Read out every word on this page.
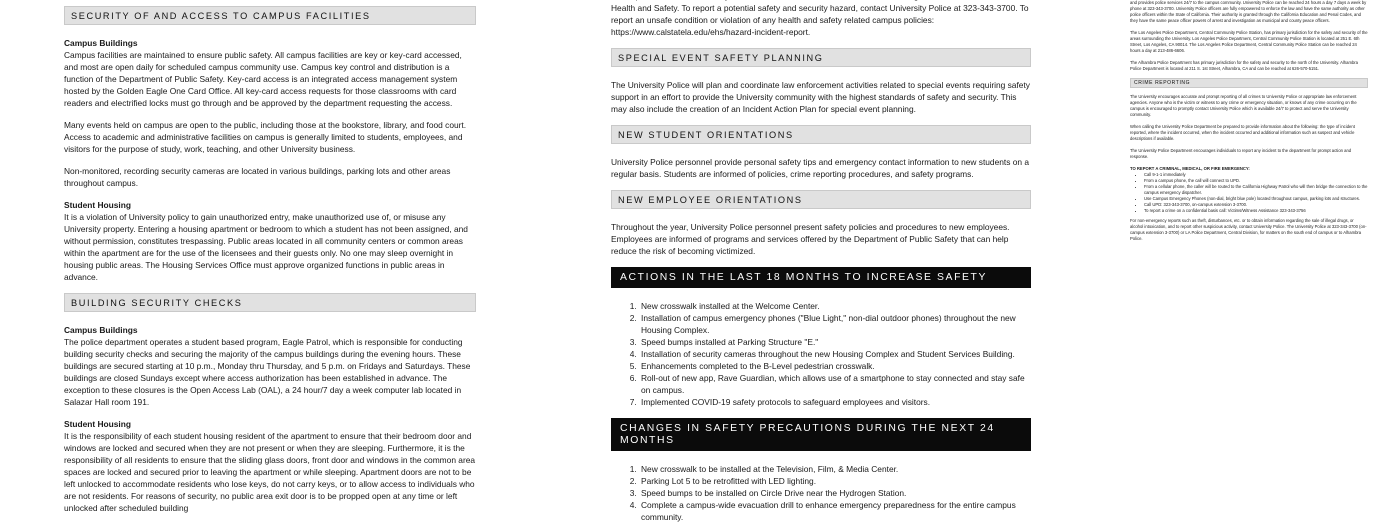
SECURITY OF AND ACCESS TO CAMPUS FACILITIES
Campus Buildings

Campus facilities are maintained to ensure public safety. All campus facilities are key or key-card accessed, and most are open daily for scheduled campus community use. Campus key control and distribution is a function of the Department of Public Safety. Key-card access is an integrated access management system hosted by the Golden Eagle One Card Office. All key-card access requests for those classrooms with card readers and electrified locks must go through and be approved by the department requesting the access.

Many events held on campus are open to the public, including those at the bookstore, library, and food court. Access to academic and administrative facilities on campus is generally limited to students, employees, and visitors for the purpose of study, work, teaching, and other University business.

Non-monitored, recording security cameras are located in various buildings, parking lots and other areas throughout campus.

Student Housing

It is a violation of University policy to gain unauthorized entry, make unauthorized use of, or misuse any University property. Entering a housing apartment or bedroom to which a student has not been assigned, and without permission, constitutes trespassing. Public areas located in all community centers or common areas within the apartment are for the use of the licensees and their guests only. No one may sleep overnight in housing public areas. The Housing Services Office must approve organized functions in public areas in advance.

BUILDING SECURITY CHECKS
Campus Buildings

The police department operates a student based program, Eagle Patrol, which is responsible for conducting building security checks and securing the majority of the campus buildings during the evening hours. These buildings are secured starting at 10 p.m., Monday thru Thursday, and 5 p.m. on Fridays and Saturdays. These buildings are closed Sundays except where access authorization has been established in advance. The exception to these closures is the Open Access Lab (OAL), a 24 hour/7 day a week computer lab located in Salazar Hall room 191.

Student Housing

It is the responsibility of each student housing resident of the apartment to ensure that their bedroom door and windows are locked and secured when they are not present or when they are sleeping. Furthermore, it is the responsibility of all residents to ensure that the sliding glass doors, front door and windows in the common area spaces are locked and secured prior to leaving the apartment or while sleeping. Apartment doors are not to be left unlocked to accommodate residents who lose keys, do not carry keys, or to allow access to individuals who are not residents. For reasons of security, no public area exit door is to be propped open at any time or left unlocked after scheduled building

Health and Safety. To report a potential safety and security hazard, contact University Police at 323-343-3700. To report an unsafe condition or violation of any health and safety related campus policies: https://www.calstatela.edu/ehs/hazard-incident-report.

SPECIAL EVENT SAFETY PLANNING

The University Police will plan and coordinate law enforcement activities related to special events requiring safety support in an effort to provide the University community with the highest standards of safety and security. This may also include the creation of an Incident Action Plan for special event planning.

NEW STUDENT ORIENTATIONS

University Police personnel provide personal safety tips and emergency contact information to new students on a regular basis. Students are informed of policies, crime reporting procedures, and safety programs.

NEW EMPLOYEE ORIENTATIONS

Throughout the year, University Police personnel present safety policies and procedures to new employees. Employees are informed of programs and services offered by the Department of Public Safety that can help reduce the risk of becoming victimized.

ACTIONS IN THE LAST 18 MONTHS TO INCREASE SAFETY
1. New crosswalk installed at the Welcome Center.
2. Installation of campus emergency phones ("Blue Light," non-dial outdoor phones) throughout the new Housing Complex.
3. Speed bumps installed at Parking Structure "E."
4. Installation of security cameras throughout the new Housing Complex and Student Services Building.
5. Enhancements completed to the B-Level pedestrian crosswalk.
6. Roll-out of new app, Rave Guardian, which allows use of a smartphone to stay connected and stay safe on campus.
7. Implemented COVID-19 safety protocols to safeguard employees and visitors.
CHANGES IN SAFETY PRECAUTIONS DURING THE NEXT 24 MONTHS
1. New crosswalk to be installed at the Television, Film, & Media Center.
2. Parking Lot 5 to be retrofitted with LED lighting.
3. Speed bumps to be installed on Circle Drive near the Hydrogen Station.
4. Complete a campus-wide evacuation drill to enhance emergency preparedness for the entire campus community.

and provides police services 24/7 to the campus community. University Police can be reached 24 hours a day 7 days a week by phone at 323-343-3700. University Police officers are fully empowered to enforce the law and have the same authority as other police officers within the State of California. Their authority is granted through the California Education and Penal Codes, and they have the same peace officer powers of arrest and investigation as municipal and county peace officers.

The Los Angeles Police Department, Central Community Police Station, has primary jurisdiction for the safety and security of the areas surrounding the University. Los Angeles Police Department, Central Community Police Station is located at 251 E. 6th Street, Los Angeles, CA 90014. The Los Angeles Police Department, Central Community Police Station can be reached 24 hours a day at 213-486-6606.

The Alhambra Police Department has primary jurisdiction for the safety and security to the north of the University. Alhambra Police Department is located at 211 S. 1st Street, Alhambra, CA and can be reached at 626-570-5151.

CRIME REPORTING

The University encourages accurate and prompt reporting of all crimes to University Police or appropriate law enforcement agencies. Anyone who is the victim or witness to any crime or emergency situation, or knows of any crime occurring on the campus is encouraged to promptly contact University Police which is available 24/7 to protect and serve the University community.

When calling the University Police Department be prepared to provide information about the following: the type of incident reported, where the incident occurred, when the incident occurred and additional information such as suspect and vehicle descriptions if available.

The University Police Department encourages individuals to report any incident to the department for prompt action and response.

TO REPORT A CRIMINAL, MEDICAL, OR FIRE EMERGENCY:
• Call 9-1-1 immediately
• From a campus phone, the call will connect to UPD.
• From a cellular phone, the caller will be routed to the California Highway Patrol who will then bridge the connection to the campus emergency dispatcher.
• Use Campus Emergency Phones (non-dial, bright blue pole) located throughout campus, parking lots and structures.
• Call UPD: 323-343-3700, on-campus extension 3-3700.
• To report a crime on a confidential basis call: Victims/Witness Assistance 323-343-3756

For non-emergency reports such as theft, disturbances, etc. or to obtain information regarding the sale of illegal drugs, or alcohol intoxication, and to report other suspicious activity, contact University Police. The University Police at 323-343-3700 (on-campus extension 3-3700) or LA Police Department, Central Division, for matters on the south end of campus or to Alhambra Police.
